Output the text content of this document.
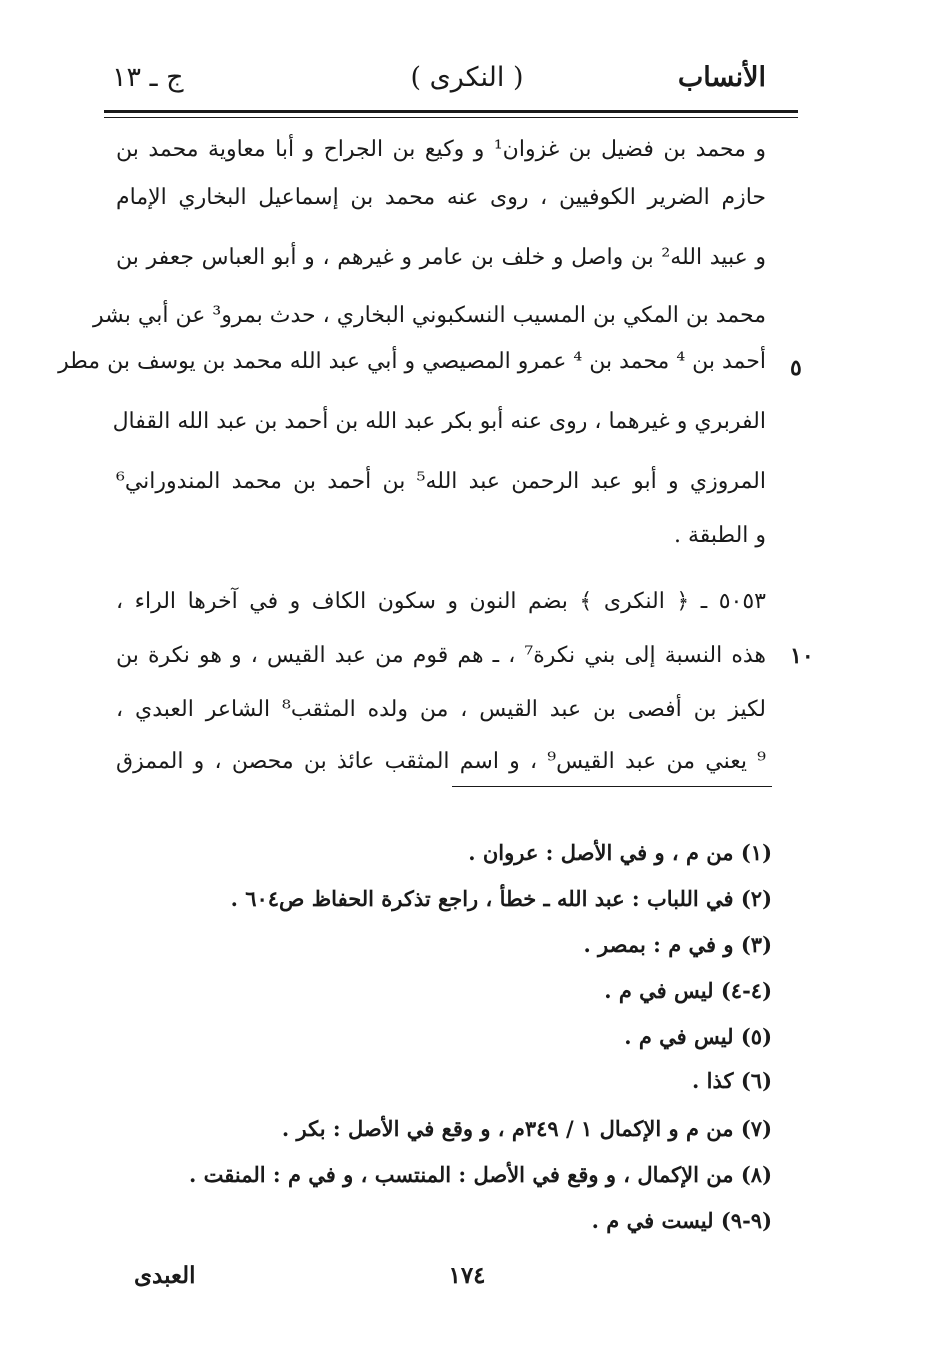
الأنساب
( النكرى )
ج ـ ١٣
و محمد بن فضيل بن غزوان¹ و وكيع بن الجراح و أبا معاوية محمد بن
حازم الضرير الكوفيين ، روى عنه محمد بن إسماعيل البخاري الإمام
و عبيد الله² بن واصل و خلف بن عامر و غيرهم ، و أبو العباس جعفر بن
محمد بن المكي بن المسيب النسكبوني البخاري ، حدث بمرو³ عن أبي بشر
أحمد بن ⁴ محمد بن ⁴ عمرو المصيصي و أبي عبد الله محمد بن يوسف بن مطر
الفربري و غيرهما ، روى عنه أبو بكر عبد الله بن أحمد بن عبد الله القفال
المروزي و أبو عبد الرحمن عبد الله⁵ بن أحمد بن محمد المندوراني⁶
و الطبقة .
٥٠٥٣ ـ ﴿ النكرى ﴾ بضم النون و سكون الكاف و في آخرها الراء ،
هذه النسبة إلى بني نكرة⁷ ، ـ هم قوم من عبد القيس ، و هو نكرة بن
لكيز بن أفصى بن عبد القيس ، من ولده المثقب⁸ الشاعر العبدي ،
⁹ يعني من عبد القيس⁹ ، و اسم المثقب عائذ بن محصن ، و الممزق
٥
١٠
(١) من م ، و في الأصل : عروان .
(٢) في اللباب : عبد الله ـ خطأ ، راجع تذكرة الحفاظ ص٦٠٤ .
(٣) و في م : بمصر .
(٤-٤) ليس في م .
(٥) ليس في م .
(٦) كذا .
(٧) من م و الإكمال ١ / ٣٤٩م ، و وقع في الأصل : بكر .
(٨) من الإكمال ، و وقع في الأصل : المنتسب ، و في م : المنقت .
(٩-٩) ليست في م .
١٧٤
العبدى
